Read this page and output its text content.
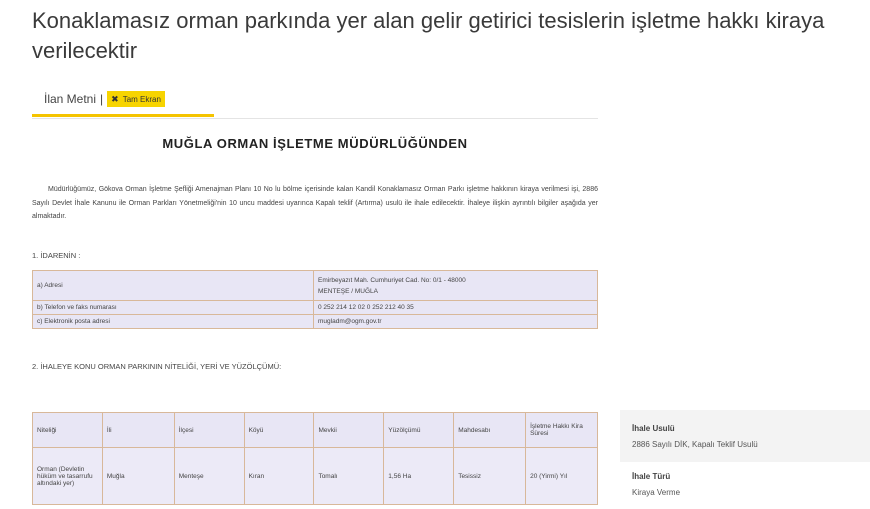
Konaklamasız orman parkında yer alan gelir getirici tesislerin işletme hakkı kiraya verilecektir
İlan Metni | ✖ Tam Ekran
MUĞLA ORMAN İŞLETME MÜDÜRLÜĞÜNDEN

Müdürlüğümüz, Gökova Orman İşletme Şefliği Amenajman Planı 10 No lu bölme içerisinde kalan Kandil Konaklamasız Orman Parkı işletme hakkının kiraya verilmesi işi, 2886 Sayılı Devlet İhale Kanunu ile Orman Parkları Yönetmeliği'nin 10 uncu maddesi uyarınca Kapalı teklif (Artırma) usulü ile ihale edilecektir. İhaleye ilişkin ayrıntılı bilgiler aşağıda yer almaktadır.

1. İDARENİN :
a) Adresi	Emirbeyazıt Mah. Cumhuriyet Cad. No: 0/1 - 48000
MENTEŞE / MUĞLA

b) Telefon ve faks numarası	0 252 214 12 02 0 252 212 40 35
c) Elektronik posta adresi	mugladm@ogm.gov.tr
2. İHALEYE KONU ORMAN PARKININ NİTELİĞİ, YERİ VE YÜZÖLÇÜMÜ:
Niteliği	İli	İlçesi	Köyü	Mevkii	Yüzölçümü	Mahdesabı	İşletme Hakkı Kira Süresi
Orman (Devletin hüküm ve tasarrufu altındaki yer)	Muğla	Menteşe	Kıran	Tomalı	1,56 Ha	Tesissiz	20 (Yirmi) Yıl
İhale Usulü
2886 Sayılı DİK, Kapalı Teklif Usulü
İhale Türü
Kiraya Verme
